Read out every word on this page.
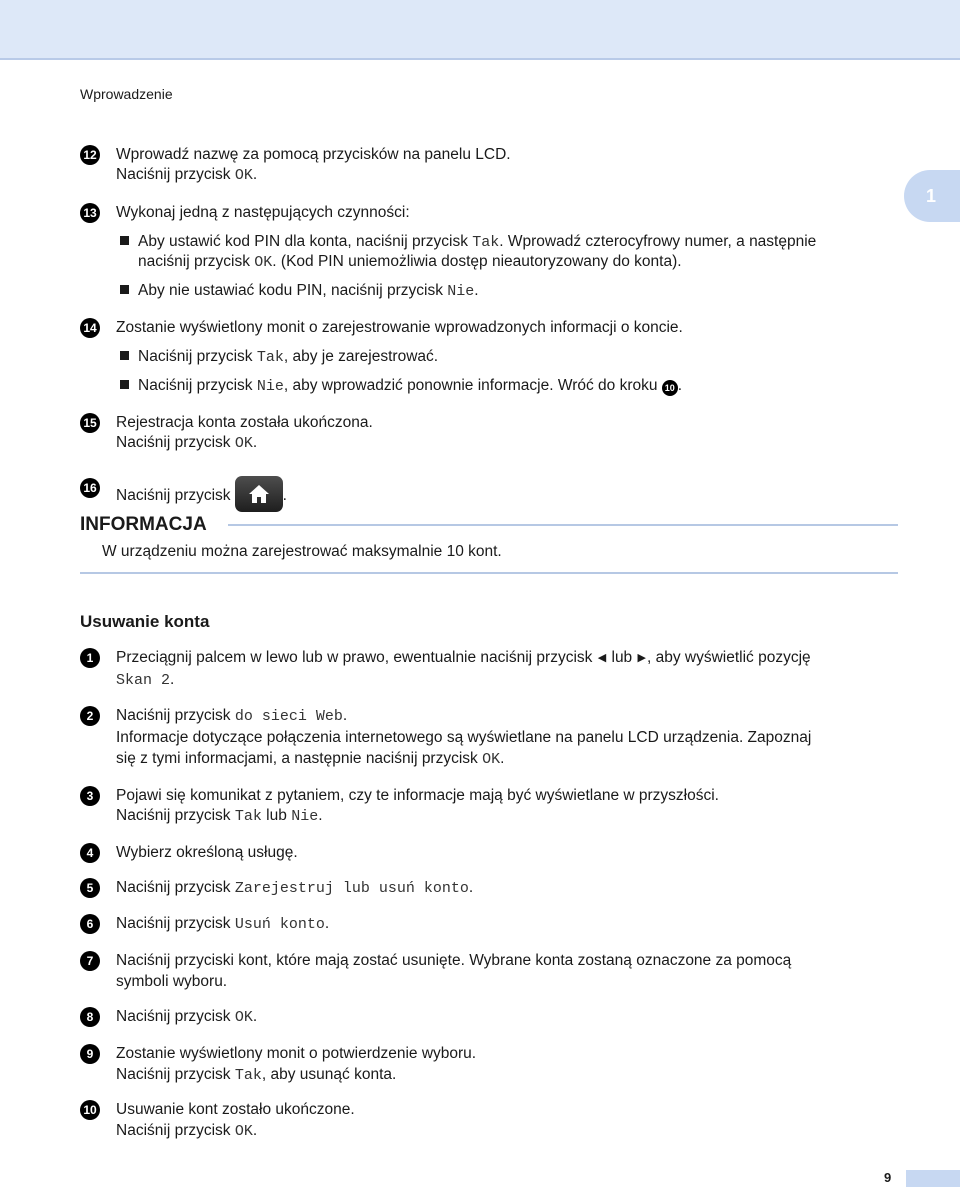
Wprowadzenie
1
12 Wprowadź nazwę za pomocą przycisków na panelu LCD.
Naciśnij przycisk OK.
13 Wykonaj jedną z następujących czynności:
Aby ustawić kod PIN dla konta, naciśnij przycisk Tak. Wprowadź czterocyfrowy numer, a następnie
naciśnij przycisk OK. (Kod PIN uniemożliwia dostęp nieautoryzowany do konta).
Aby nie ustawiać kodu PIN, naciśnij przycisk Nie.
14 Zostanie wyświetlony monit o zarejestrowanie wprowadzonych informacji o koncie.
Naciśnij przycisk Tak, aby je zarejestrować.
Naciśnij przycisk Nie, aby wprowadzić ponownie informacje. Wróć do kroku 10 .
15 Rejestracja konta została ukończona.
Naciśnij przycisk OK.
16 Naciśnij przycisk	.
INFORMACJA
W urządzeniu można zarejestrować maksymalnie 10 kont.
Usuwanie konta
1	Przeciągnij palcem w lewo lub w prawo, ewentualnie naciśnij przycisk ◀ lub ▶, aby wyświetlić pozycję
Skan 2.
2	Naciśnij przycisk do sieci Web.
Informacje dotyczące połączenia internetowego są wyświetlane na panelu LCD urządzenia. Zapoznaj
się z tymi informacjami, a następnie naciśnij przycisk OK.
3	Pojawi się komunikat z pytaniem, czy te informacje mają być wyświetlane w przyszłości.
Naciśnij przycisk Tak lub Nie.
4	Wybierz określoną usługę.
5	Naciśnij przycisk Zarejestruj lub usuń konto.
6	Naciśnij przycisk Usuń konto.
7	Naciśnij przyciski kont, które mają zostać usunięte. Wybrane konta zostaną oznaczone za pomocą
symboli wyboru.
8	Naciśnij przycisk OK.
9	Zostanie wyświetlony monit o potwierdzenie wyboru.
Naciśnij przycisk Tak, aby usunąć konta.
10 Usuwanie kont zostało ukończone.
Naciśnij przycisk OK.
9
